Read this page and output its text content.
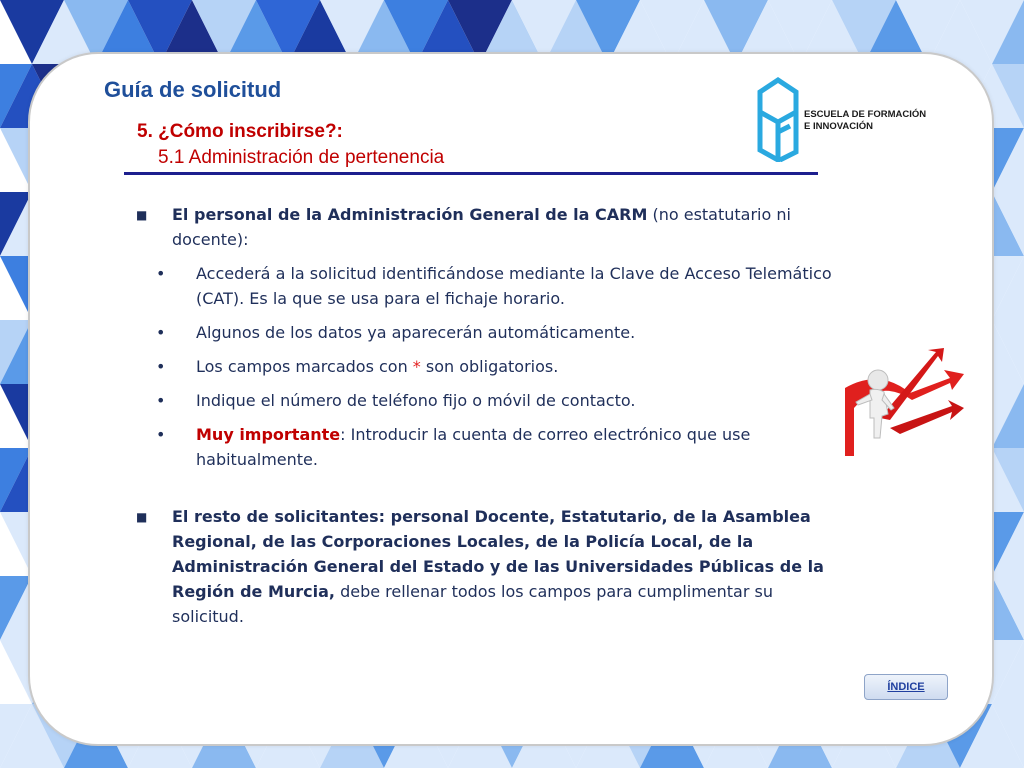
Guía de solicitud
5. ¿Cómo inscribirse?:
5.1 Administración de pertenencia
ESCUELA DE FORMACIÓN
E INNOVACIÓN
■ El personal de la Administración General de la CARM (no estatutario ni docente):
• Accederá a la solicitud identificándose mediante la Clave de Acceso Telemático (CAT). Es la que se usa para el fichaje horario.
• Algunos de los datos ya aparecerán automáticamente.
• Los campos marcados con * son obligatorios.
• Indique el número de teléfono fijo o móvil de contacto.
• Muy importante: Introducir la cuenta de correo electrónico que use habitualmente.
■ El resto de solicitantes: personal Docente, Estatutario, de la Asamblea Regional, de las Corporaciones Locales, de la Policía Local, de la Administración General del Estado y de las Universidades Públicas de la Región de Murcia, debe rellenar todos los campos para cumplimentar su solicitud.
ÍNDICE
